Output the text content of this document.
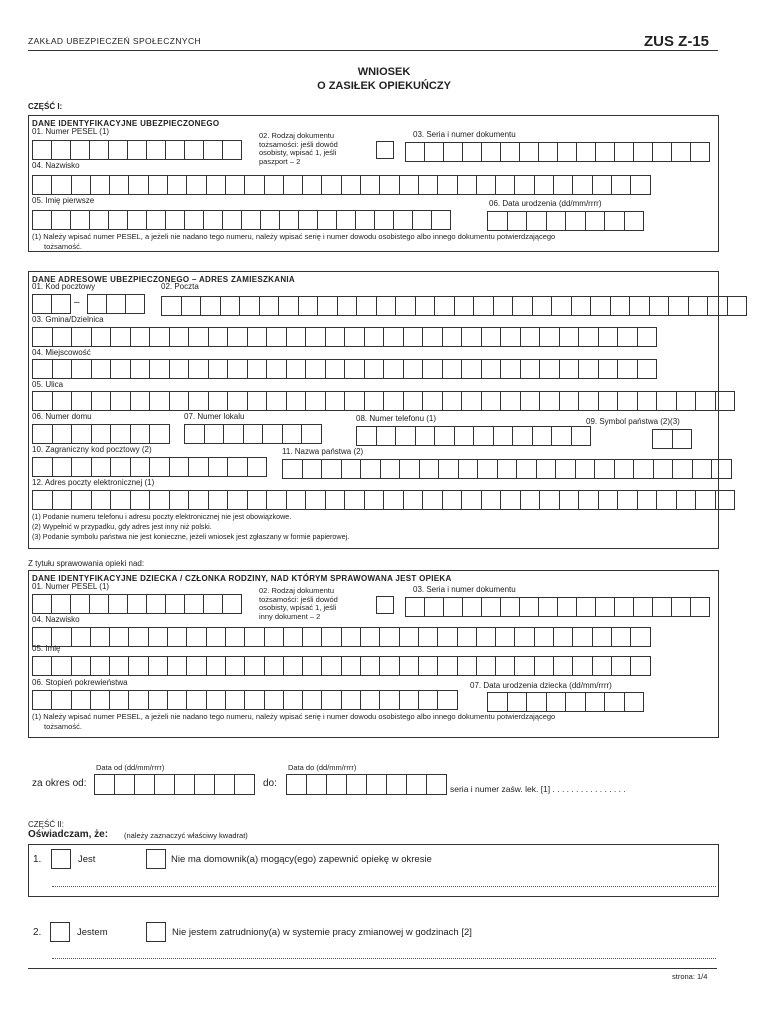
ZAKŁAD UBEZPIECZEŃ SPOŁECZNYCH	ZUS Z-15
WNIOSEK
O ZASIŁEK OPIEKUŃCZY
CZĘŚĆ I:
DANE IDENTYFIKACYJNE UBEZPIECZONEGO
01. Numer PESEL (1)	02. Rodzaj dokumentu
tożsamości: jeśli dowód
osobisty, wpisać 1, jeśli
paszport – 2
03. Seria i numer dokumentu
04. Nazwisko
05. Imię pierwsze	06. Data urodzenia (dd/mm/rrrr)
(1) Należy wpisać numer PESEL, a jeżeli nie nadano tego numeru, należy wpisać serię i numer dowodu osobistego albo innego dokumentu potwierdzającego
tożsamość.
DANE ADRESOWE UBEZPIECZONEGO – ADRES ZAMIESZKANIA
01. Kod pocztowy
–
02. Poczta
03. Gmina/Dzielnica
04. Miejscowość
05. Ulica
06. Numer domu	07. Numer lokalu	08. Numer telefonu (1)	09. Symbol państwa (2)(3)
10. Zagraniczny kod pocztowy (2)	11. Nazwa państwa (2)
12. Adres poczty elektronicznej (1)
(1) Podanie numeru telefonu i adresu poczty elektronicznej nie jest obowiązkowe.
(2) Wypełnić w przypadku, gdy adres jest inny niż polski.
(3) Podanie symbolu państwa nie jest konieczne, jeżeli wniosek jest zgłaszany w formie papierowej.
Z tytułu sprawowania opieki nad:
DANE IDENTYFIKACYJNE DZIECKA / CZŁONKA RODZINY, NAD KTÓRYM SPRAWOWANA JEST OPIEKA
01. Numer PESEL (1)	02. Rodzaj dokumentu
tożsamości: jeśli dowód
osobisty, wpisać 1, jeśli
inny dokument – 2
03. Seria i numer dokumentu
04. Nazwisko
05. Imię
06. Stopień pokrewieństwa	07. Data urodzenia dziecka (dd/mm/rrrr)
(1) Należy wpisać numer PESEL, a jeżeli nie nadano tego numeru, należy wpisać serię i numer dowodu osobistego albo innego dokumentu potwierdzającego
tożsamość.
Data od (dd/mm/rrrr)
za okres od:
Data do (dd/mm/rrrr)
do:	seria i numer zaśw. lek. [1] . . . . . . . . . . . . . . . .
CZĘŚĆ II:
Oświadczam, że: (należy zaznaczyć właściwy kwadrat)
1.	Jest	Nie ma domownik(a) mogący(ego) zapewnić opiekę w okresie
2.	Jestem	Nie jestem zatrudniony(a) w systemie pracy zmianowej w godzinach [2]
strona: 1/4
